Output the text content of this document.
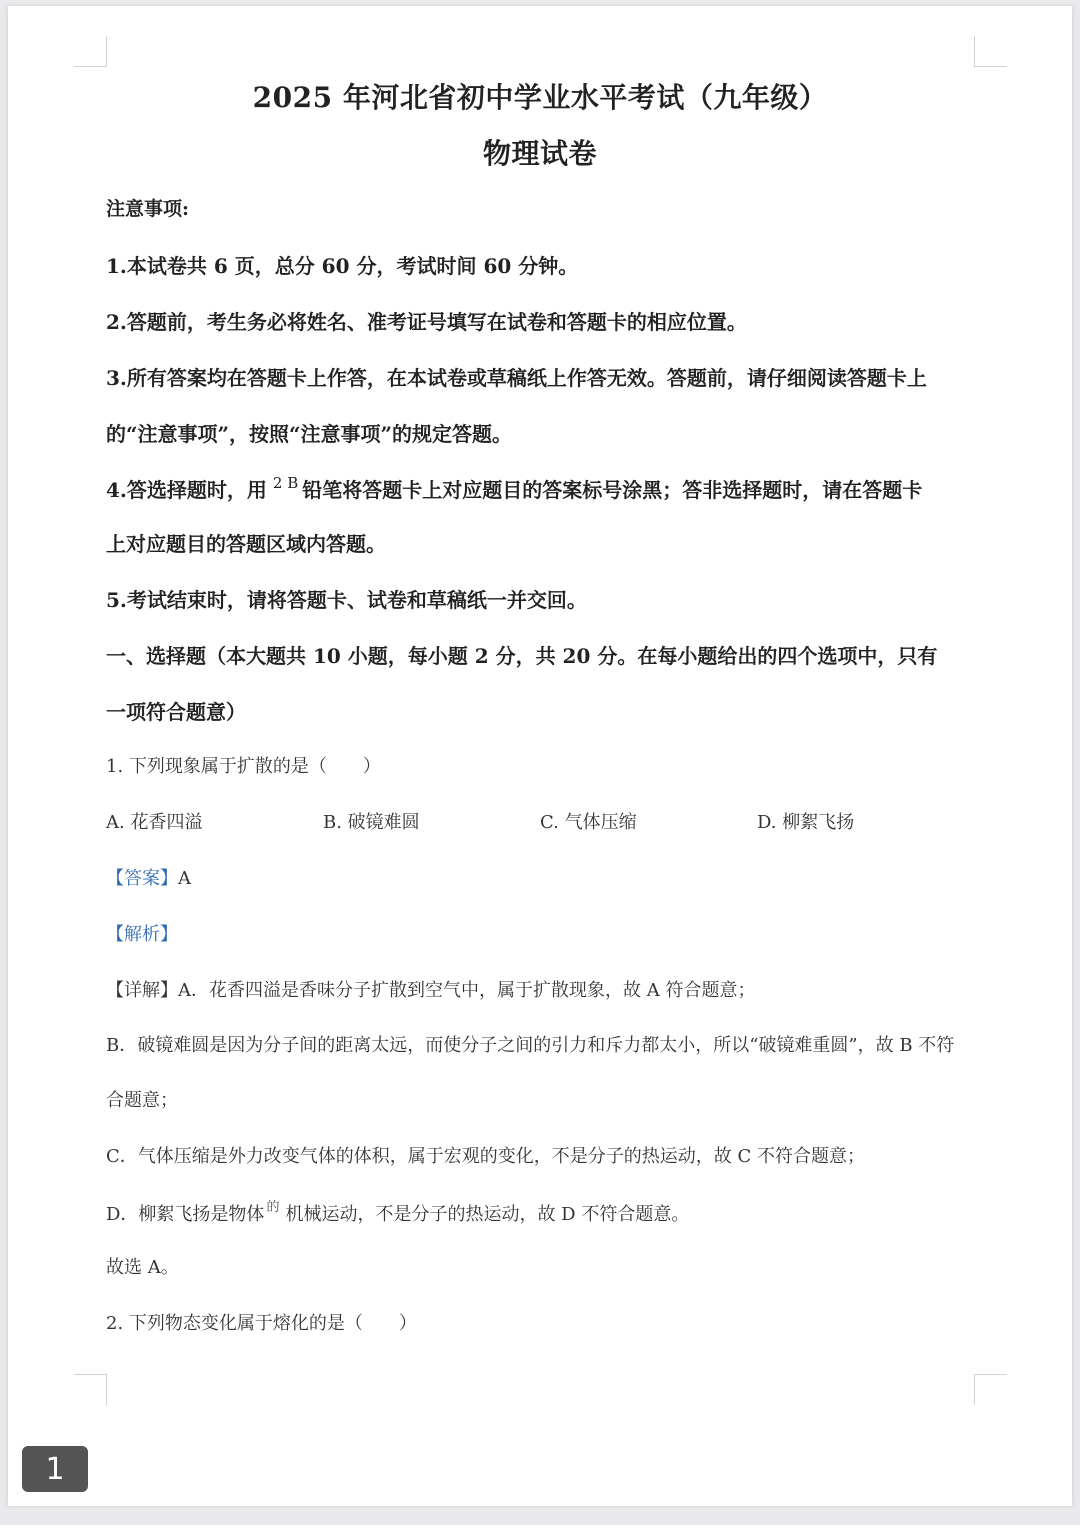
2025 年河北省初中学业水平考试（九年级）
物理试卷
注意事项:
1.本试卷共 6 页，总分 60 分，考试时间 60 分钟。
2.答题前，考生务必将姓名、准考证号填写在试卷和答题卡的相应位置。
3.所有答案均在答题卡上作答，在本试卷或草稿纸上作答无效。答题前，请仔细阅读答题卡上
的“注意事项”，按照“注意事项”的规定答题。
4.答选择题时，用 $^{2 B}$ 铅笔将答题卡上对应题目的答案标号涂黑；答非选择题时，请在答题卡
上对应题目的答题区域内答题。
5.考试结束时，请将答题卡、试卷和草稿纸一并交回。
一、选择题（本大题共 10 小题，每小题 2 分，共 20 分。在每小题给出的四个选项中，只有
一项符合题意）
1. 下列现象属于扩散的是（　　）
A. 花香四溢	B. 破镜难圆	C. 气体压缩	D. 柳絮飞扬
【答案】A
【解析】
【详解】A．花香四溢是香味分子扩散到空气中，属于扩散现象，故 A 符合题意；
B．破镜难圆是因为分子间的距离太远，而使分子之间的引力和斥力都太小，所以“破镜难重圆”，故 B 不符
合题意；
C．气体压缩是外力改变气体的体积，属于宏观的变化，不是分子的热运动，故 C 不符合题意；
D．柳絮飞扬是物体 $^的$ 机械运动，不是分子的热运动，故 D 不符合题意。
故选 A。
2. 下列物态变化属于熔化的是（　　）
1
